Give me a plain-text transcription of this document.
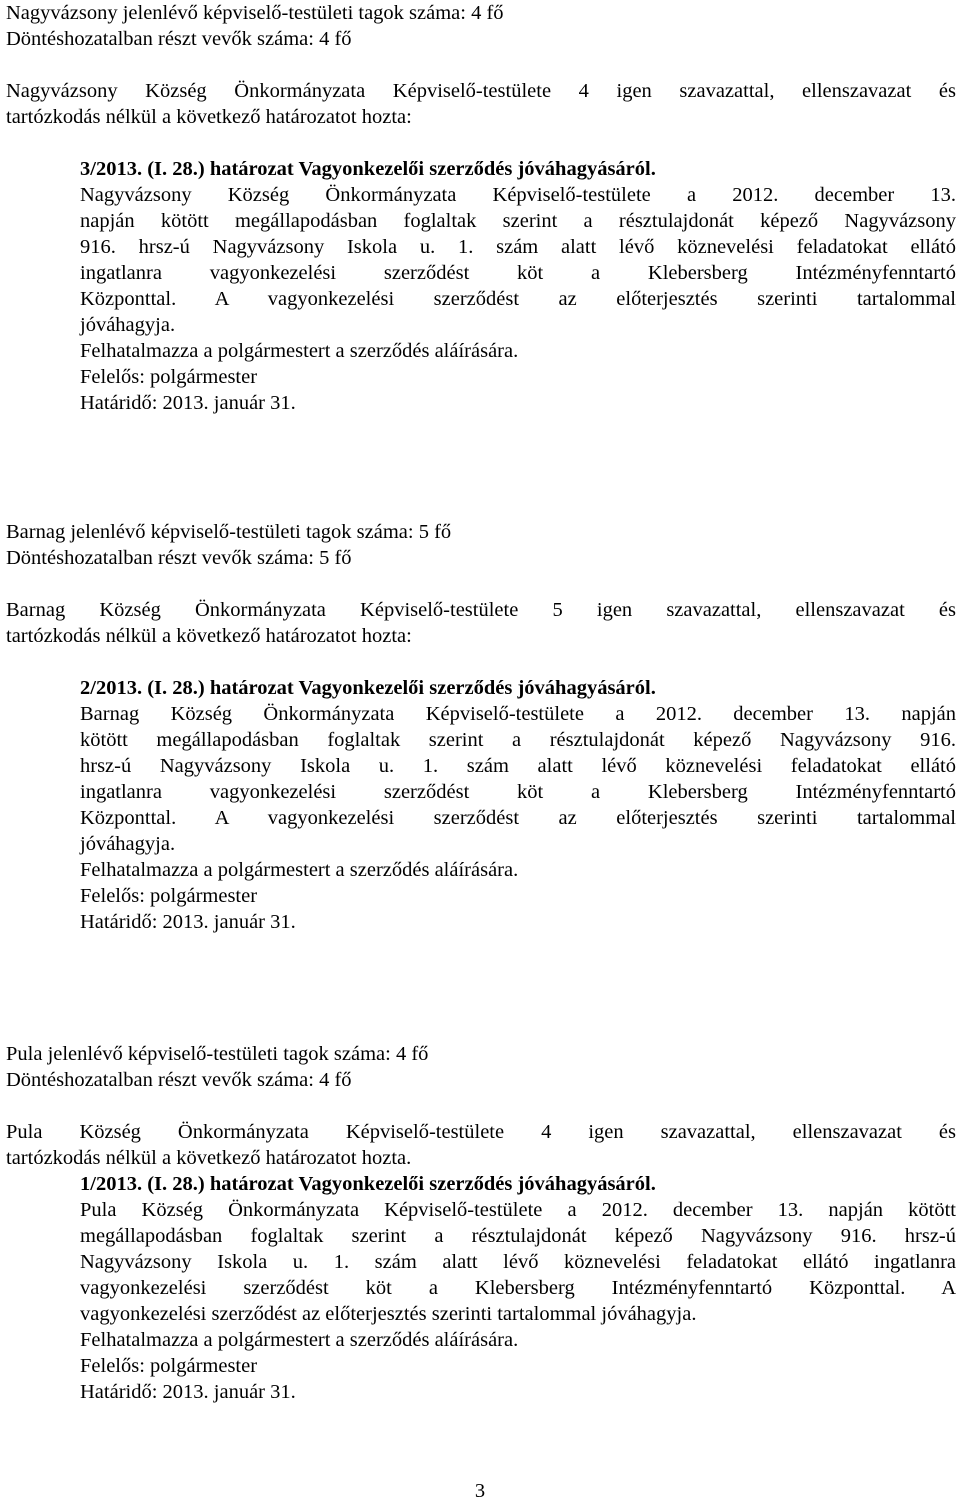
Nagyvázsony jelenlévő képviselő-testületi tagok száma: 4 fő
Döntéshozatalban részt vevők száma: 4 fő
Nagyvázsony Község Önkormányzata Képviselő-testülete 4 igen szavazattal, ellenszavazat és
tartózkodás nélkül a következő határozatot hozta:
3/2013. (I. 28.) határozat Vagyonkezelői szerződés jóváhagyásáról.
Nagyvázsony Község Önkormányzata Képviselő-testülete a 2012. december 13.
napján kötött megállapodásban foglaltak szerint a résztulajdonát képező Nagyvázsony
916. hrsz-ú Nagyvázsony Iskola u. 1. szám alatt lévő köznevelési feladatokat ellátó
ingatlanra vagyonkezelési szerződést köt a Klebersberg Intézményfenntartó
Központtal. A vagyonkezelési szerződést az előterjesztés szerinti tartalommal
jóváhagyja.
Felhatalmazza a polgármestert a szerződés aláírására.
Felelős: polgármester
Határidő: 2013. január 31.
Barnag jelenlévő képviselő-testületi tagok száma: 5 fő
Döntéshozatalban részt vevők száma: 5 fő
Barnag Község Önkormányzata Képviselő-testülete 5 igen szavazattal, ellenszavazat és
tartózkodás nélkül a következő határozatot hozta:
2/2013. (I. 28.) határozat Vagyonkezelői szerződés jóváhagyásáról.
Barnag Község Önkormányzata Képviselő-testülete a 2012. december 13. napján
kötött megállapodásban foglaltak szerint a résztulajdonát képező Nagyvázsony 916.
hrsz-ú Nagyvázsony Iskola u. 1. szám alatt lévő köznevelési feladatokat ellátó
ingatlanra vagyonkezelési szerződést köt a Klebersberg Intézményfenntartó
Központtal. A vagyonkezelési szerződést az előterjesztés szerinti tartalommal
jóváhagyja.
Felhatalmazza a polgármestert a szerződés aláírására.
Felelős: polgármester
Határidő: 2013. január 31.
Pula jelenlévő képviselő-testületi tagok száma: 4 fő
Döntéshozatalban részt vevők száma: 4 fő
Pula Község Önkormányzata Képviselő-testülete 4 igen szavazattal, ellenszavazat és
tartózkodás nélkül a következő határozatot hozta.
1/2013. (I. 28.) határozat Vagyonkezelői szerződés jóváhagyásáról.
Pula Község Önkormányzata Képviselő-testülete a 2012. december 13. napján kötött
megállapodásban foglaltak szerint a résztulajdonát képező Nagyvázsony 916. hrsz-ú
Nagyvázsony Iskola u. 1. szám alatt lévő köznevelési feladatokat ellátó ingatlanra
vagyonkezelési szerződést köt a Klebersberg Intézményfenntartó Központtal. A
vagyonkezelési szerződést az előterjesztés szerinti tartalommal jóváhagyja.
Felhatalmazza a polgármestert a szerződés aláírására.
Felelős: polgármester
Határidő: 2013. január 31.
3
